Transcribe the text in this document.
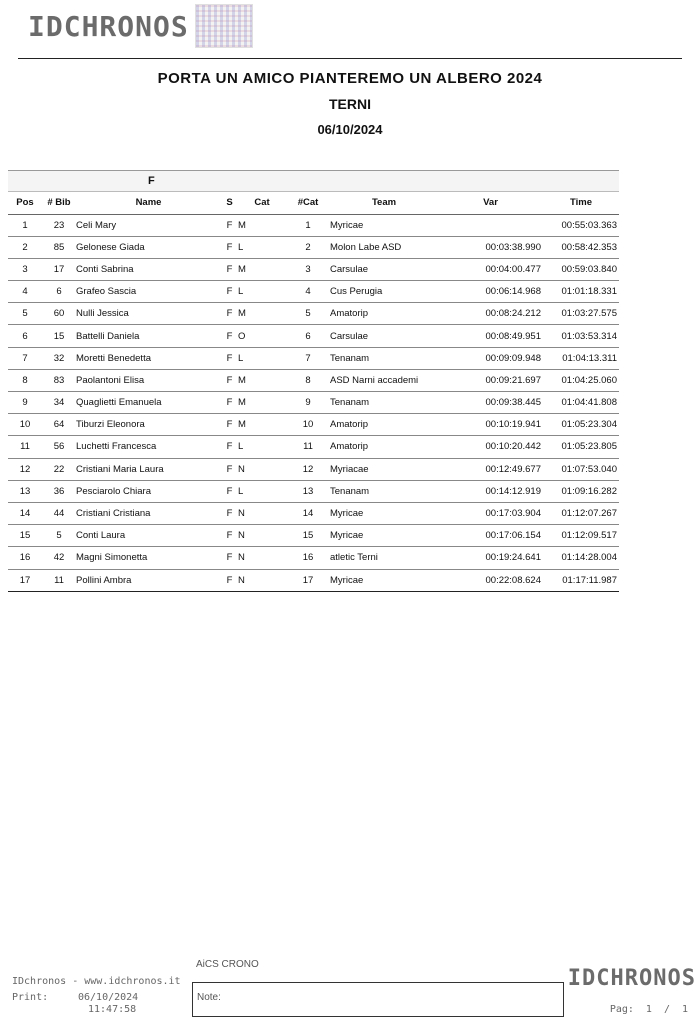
IDCHRONOS
PORTA UN AMICO PIANTEREMO UN ALBERO 2024
TERNI
06/10/2024
F
Pos	# Bib	Name	S	Cat	#Cat	Team	Var	Time
1	23	Celi Mary	F	M	1	Myricae		00:55:03.363
2	85	Gelonese Giada	F	L	2	Molon Labe ASD	00:03:38.990	00:58:42.353
3	17	Conti Sabrina	F	M	3	Carsulae	00:04:00.477	00:59:03.840
4	6	Grafeo Sascia	F	L	4	Cus Perugia	00:06:14.968	01:01:18.331
5	60	Nulli Jessica	F	M	5	Amatorip	00:08:24.212	01:03:27.575
6	15	Battelli Daniela	F	O	6	Carsulae	00:08:49.951	01:03:53.314
7	32	Moretti Benedetta	F	L	7	Tenanam	00:09:09.948	01:04:13.311
8	83	Paolantoni Elisa	F	M	8	ASD Narni accademi	00:09:21.697	01:04:25.060
9	34	Quaglietti Emanuela	F	M	9	Tenanam	00:09:38.445	01:04:41.808
10	64	Tiburzi Eleonora	F	M	10	Amatorip	00:10:19.941	01:05:23.304
11	56	Luchetti Francesca	F	L	11	Amatorip	00:10:20.442	01:05:23.805
12	22	Cristiani Maria Laura	F	N	12	Myriacae	00:12:49.677	01:07:53.040
13	36	Pesciarolo Chiara	F	L	13	Tenanam	00:14:12.919	01:09:16.282
14	44	Cristiani Cristiana	F	N	14	Myricae	00:17:03.904	01:12:07.267
15	5	Conti Laura	F	N	15	Myricae	00:17:06.154	01:12:09.517
16	42	Magni Simonetta	F	N	16	atletic Terni	00:19:24.641	01:14:28.004
17	11	Pollini Ambra	F	N	17	Myricae	00:22:08.624	01:17:11.987
AiCS CRONO
IDchronos - www.idchronos.it
Print:	06/10/2024
11:47:58
Note:
IDCHRONOS
Pag: 1 / 1
